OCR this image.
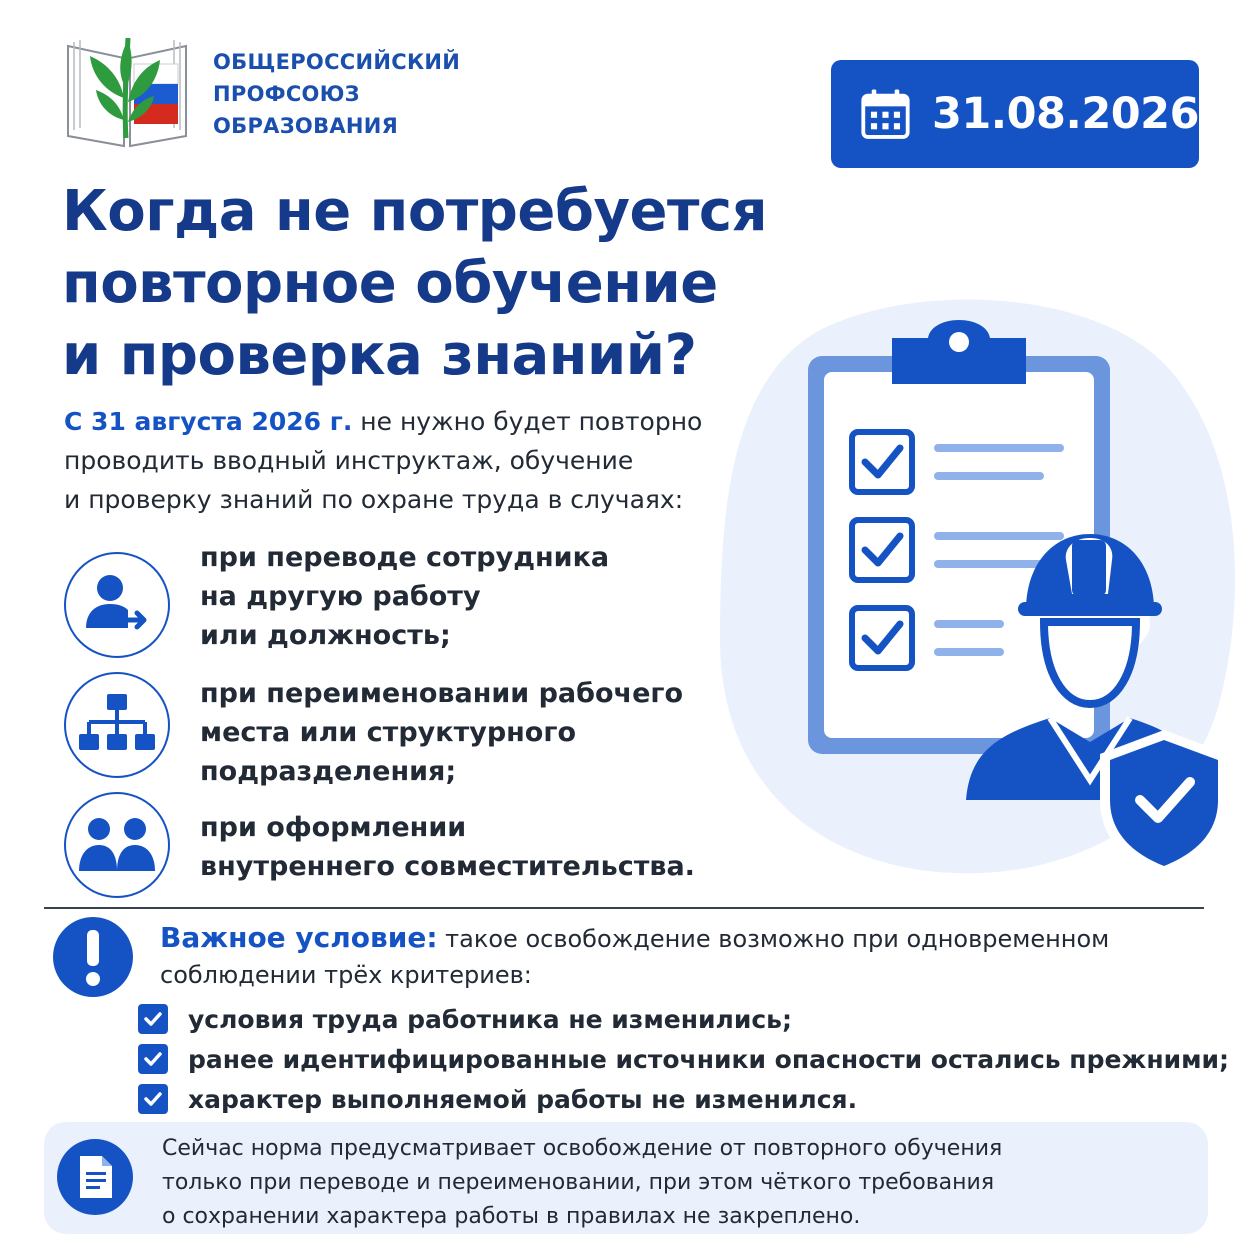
ОБЩЕРОССИЙСКИЙ
ПРОФСОЮЗ
ОБРАЗОВАНИЯ	31.08.2026
Когда не потребуется
повторное обучение
и проверка знаний?
С 31 августа 2026 г. не нужно будет повторно
проводить вводный инструктаж, обучение
и проверку знаний по охране труда в случаях:
при переводе сотрудника
на другую работу
или должность;
при переименовании рабочего
места или структурного
подразделения;
при оформлении
внутреннего совместительства.
Важное условие: такое освобождение возможно при одновременном соблюдении трёх критериев:
условия труда работника не изменились;
ранее идентифицированные источники опасности остались прежними;
характер выполняемой работы не изменился.
Сейчас норма предусматривает освобождение от повторного обучения
только при переводе и переименовании, при этом чёткого требования
о сохранении характера работы в правилах не закреплено.
